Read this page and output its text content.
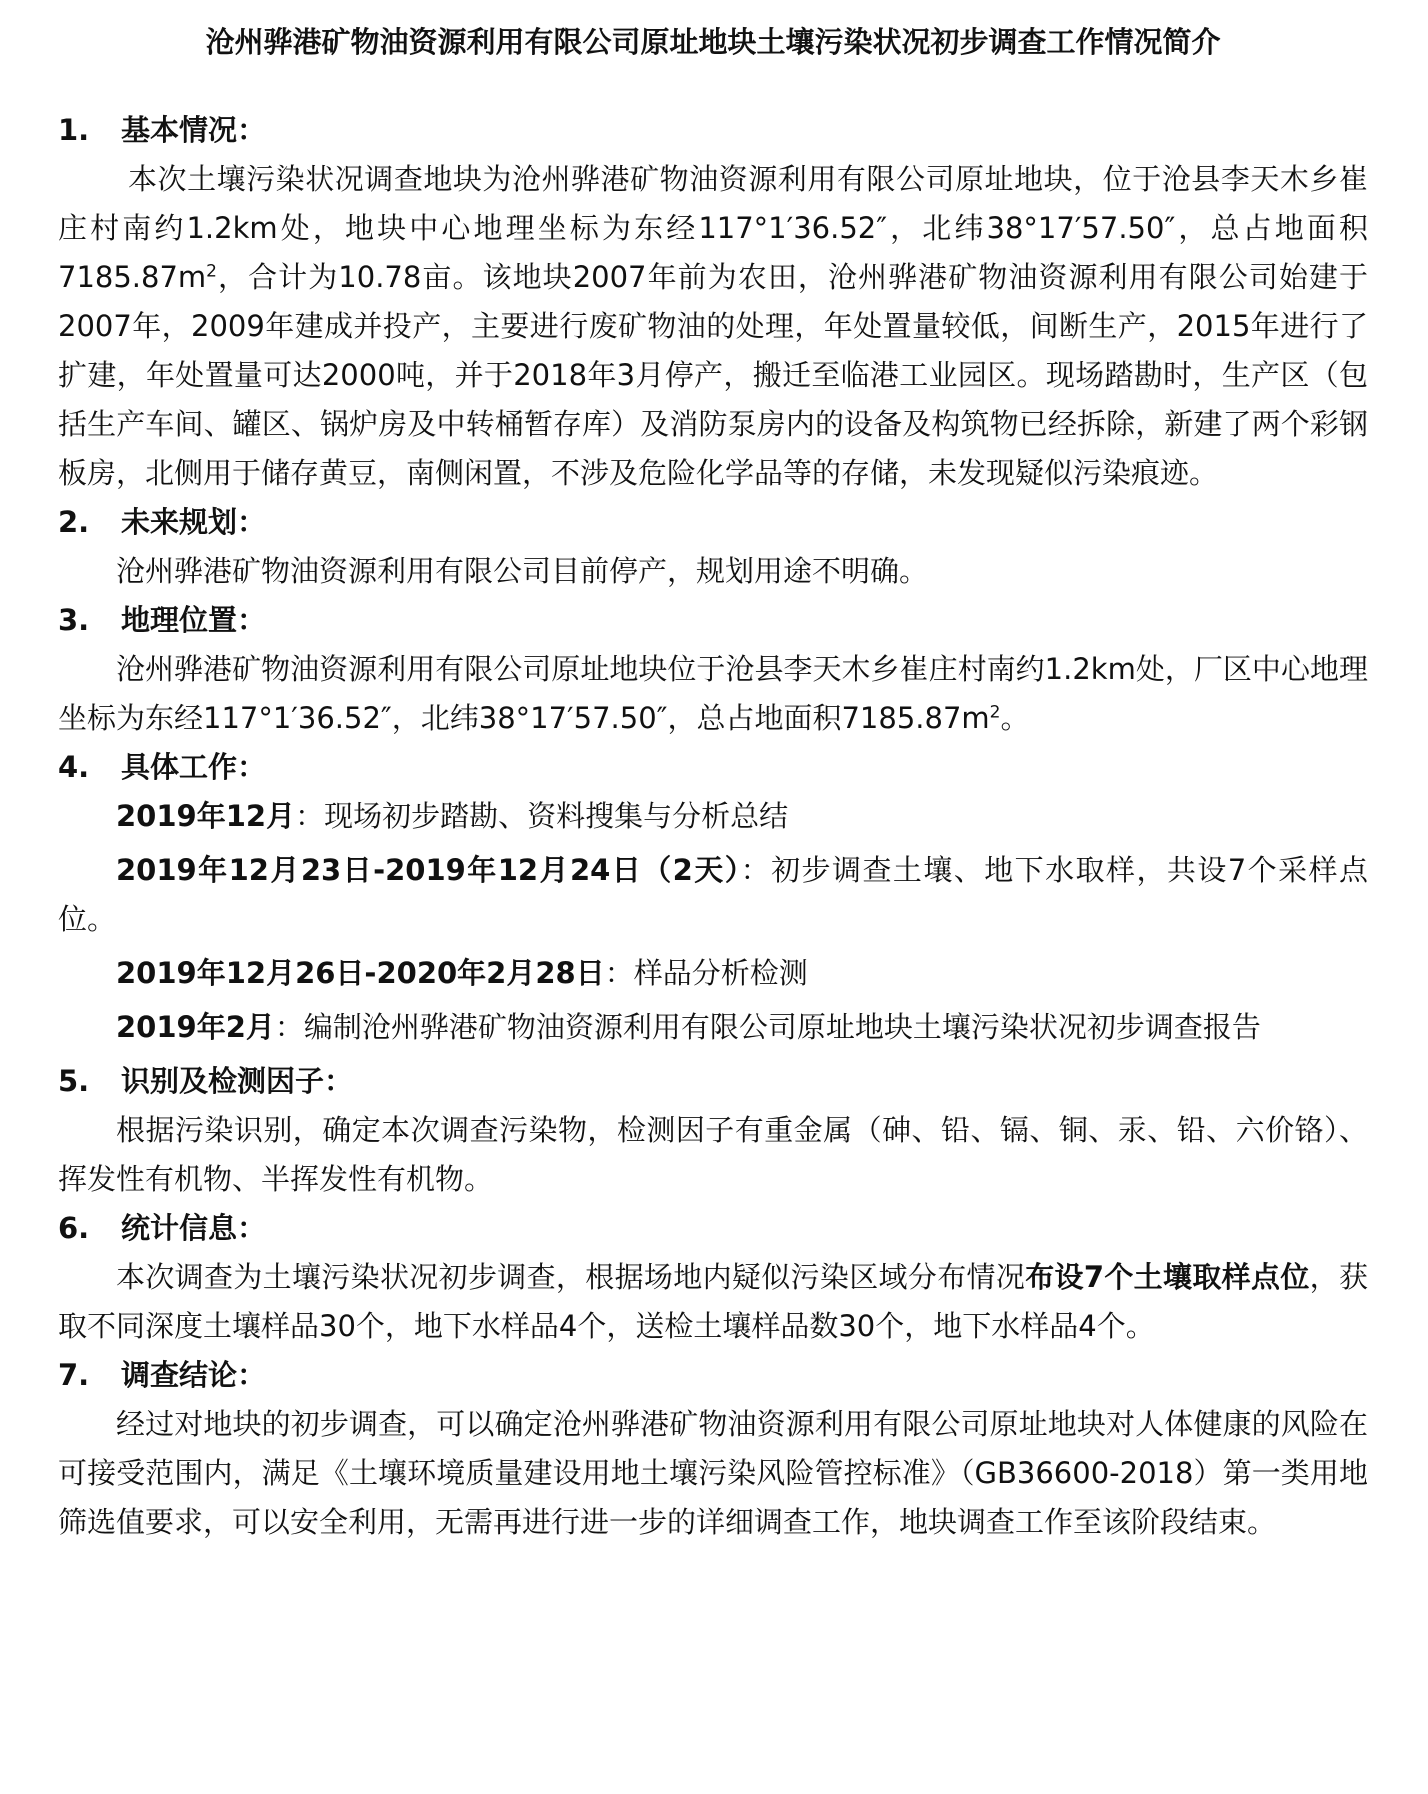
沧州骅港矿物油资源利用有限公司原址地块土壤污染状况初步调查工作情况简介
1.	基本情况：

本次土壤污染状况调查地块为沧州骅港矿物油资源利用有限公司原址地块，位于沧县李天木乡崔庄村南约1.2km处，地块中心地理坐标为东经117°1′36.52″，北纬38°17′57.50″，总占地面积$7185.87m^2$，合计为10.78亩。该地块2007年前为农田，沧州骅港矿物油资源利用有限公司始建于2007年，2009年建成并投产，主要进行废矿物油的处理，年处置量较低，间断生产，2015年进行了扩建，年处置量可达2000吨，并于2018年3月停产，搬迁至临港工业园区。现场踏勘时，生产区（包括生产车间、罐区、锅炉房及中转桶暂存库）及消防泵房内的设备及构筑物已经拆除，新建了两个彩钢板房，北侧用于储存黄豆，南侧闲置，不涉及危险化学品等的存储，未发现疑似污染痕迹。

2.	未来规划：

沧州骅港矿物油资源利用有限公司目前停产，规划用途不明确。

3.	地理位置：

沧州骅港矿物油资源利用有限公司原址地块位于沧县李天木乡崔庄村南约1.2km处，厂区中心地理坐标为东经117°1′36.52″，北纬38°17′57.50″，总占地面积$7185.87m^2$。

4.	具体工作：

2019年12月：现场初步踏勘、资料搜集与分析总结

2019年12月23日-2019年12月24日（2天）：初步调查土壤、地下水取样，共设7个采样点位。

2019年12月26日-2020年2月28日：样品分析检测

2019年2月：编制沧州骅港矿物油资源利用有限公司原址地块土壤污染状况初步调查报告

5.	识别及检测因子：

根据污染识别，确定本次调查污染物，检测因子有重金属（砷、铅、镉、铜、汞、铅、六价铬）、挥发性有机物、半挥发性有机物。

6.	统计信息：

本次调查为土壤污染状况初步调查，根据场地内疑似污染区域分布情况布设7个土壤取样点位，获取不同深度土壤样品30个，地下水样品4个，送检土壤样品数30个，地下水样品4个。

7.	调查结论：

经过对地块的初步调查，可以确定沧州骅港矿物油资源利用有限公司原址地块对人体健康的风险在可接受范围内，满足《土壤环境质量建设用地土壤污染风险管控标准》（GB36600-2018）第一类用地筛选值要求，可以安全利用，无需再进行进一步的详细调查工作，地块调查工作至该阶段结束。
